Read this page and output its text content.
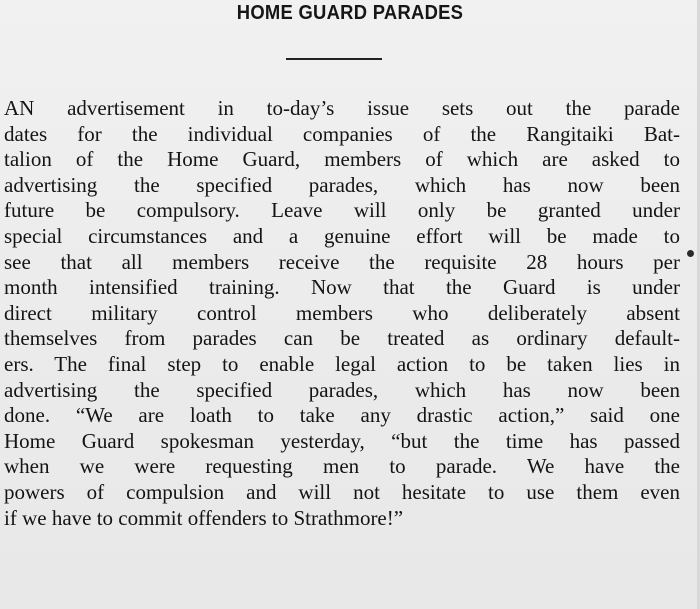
HOME GUARD PARADES
AN advertisement in to-day’s issue sets out the parade
dates for the individual companies of the Rangitaiki Bat-
talion of the Home Guard, members of which are asked to
advertising the specified parades, which has now been
future be compulsory. Leave will only be granted under
special circumstances and a genuine effort will be made to
see that all members receive the requisite 28 hours per
month intensified training. Now that the Guard is under
direct military control members who deliberately absent
themselves from parades can be treated as ordinary default-
ers. The final step to enable legal action to be taken lies in
advertising the specified parades, which has now been
done. “We are loath to take any drastic action,” said one
Home Guard spokesman yesterday, “but the time has passed
when we were requesting men to parade. We have the
powers of compulsion and will not hesitate to use them even
if we have to commit offenders to Strathmore!”
